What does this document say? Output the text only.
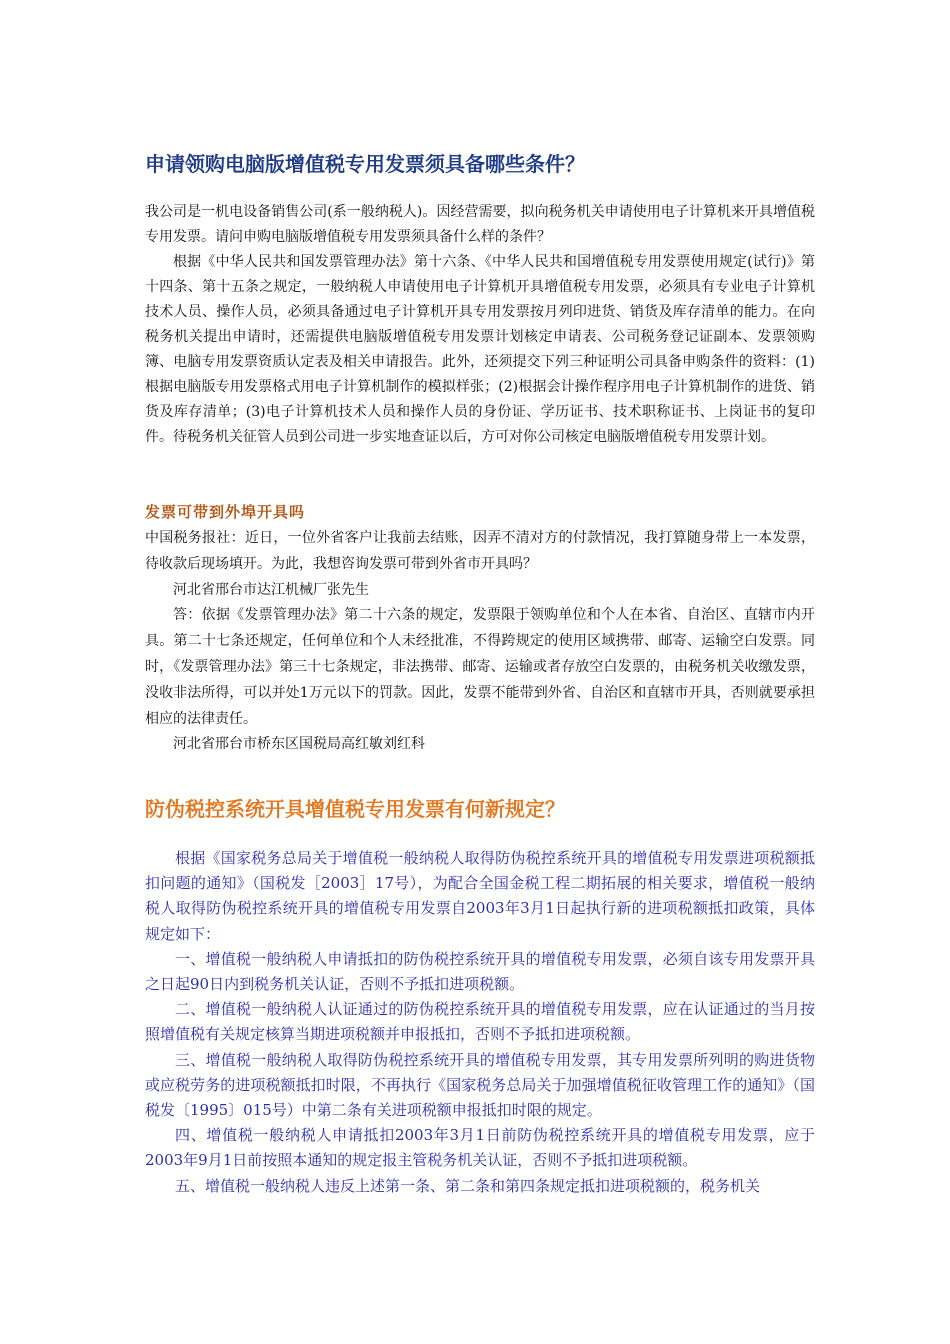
申请领购电脑版增值税专用发票须具备哪些条件？

我公司是一机电设备销售公司(系一般纳税人)。因经营需要，拟向税务机关申请使用电子计算机来开具增值税专用发票。请问申购电脑版增值税专用发票须具备什么样的条件？

根据《中华人民共和国发票管理办法》第十六条、《中华人民共和国增值税专用发票使用规定(试行)》第十四条、第十五条之规定，一般纳税人申请使用电子计算机开具增值税专用发票，必须具有专业电子计算机技术人员、操作人员，必须具备通过电子计算机开具专用发票按月列印进货、销货及库存清单的能力。在向税务机关提出申请时，还需提供电脑版增值税专用发票计划核定申请表、公司税务登记证副本、发票领购簿、电脑专用发票资质认定表及相关申请报告。此外，还须提交下列三种证明公司具备申购条件的资料：(1)根据电脑版专用发票格式用电子计算机制作的模拟样张；(2)根据会计操作程序用电子计算机制作的进货、销货及库存清单；(3)电子计算机技术人员和操作人员的身份证、学历证书、技术职称证书、上岗证书的复印件。待税务机关征管人员到公司进一步实地查证以后，方可对你公司核定电脑版增值税专用发票计划。

发票可带到外埠开具吗

中国税务报社：近日，一位外省客户让我前去结账，因弄不清对方的付款情况，我打算随身带上一本发票，待收款后现场填开。为此，我想咨询发票可带到外省市开具吗？

河北省邢台市达江机械厂张先生

答：依据《发票管理办法》第二十六条的规定，发票限于领购单位和个人在本省、自治区、直辖市内开具。第二十七条还规定，任何单位和个人未经批准，不得跨规定的使用区域携带、邮寄、运输空白发票。同时，《发票管理办法》第三十七条规定，非法携带、邮寄、运输或者存放空白发票的，由税务机关收缴发票，没收非法所得，可以并处1万元以下的罚款。因此，发票不能带到外省、自治区和直辖市开具，否则就要承担相应的法律责任。

河北省邢台市桥东区国税局高红敏刘红科

防伪税控系统开具增值税专用发票有何新规定？

根据《国家税务总局关于增值税一般纳税人取得防伪税控系统开具的增值税专用发票进项税额抵扣问题的通知》（国税发［2003］17号），为配合全国金税工程二期拓展的相关要求，增值税一般纳税人取得防伪税控系统开具的增值税专用发票自2003年3月1日起执行新的进项税额抵扣政策，具体规定如下：

一、增值税一般纳税人申请抵扣的防伪税控系统开具的增值税专用发票，必须自该专用发票开具之日起90日内到税务机关认证，否则不予抵扣进项税额。

二、增值税一般纳税人认证通过的防伪税控系统开具的增值税专用发票，应在认证通过的当月按照增值税有关规定核算当期进项税额并申报抵扣，否则不予抵扣进项税额。

三、增值税一般纳税人取得防伪税控系统开具的增值税专用发票，其专用发票所列明的购进货物或应税劳务的进项税额抵扣时限，不再执行《国家税务总局关于加强增值税征收管理工作的通知》（国税发〔1995〕015号）中第二条有关进项税额申报抵扣时限的规定。

四、增值税一般纳税人申请抵扣2003年3月1日前防伪税控系统开具的增值税专用发票，应于2003年9月1日前按照本通知的规定报主管税务机关认证，否则不予抵扣进项税额。

五、增值税一般纳税人违反上述第一条、第二条和第四条规定抵扣进项税额的，税务机关
